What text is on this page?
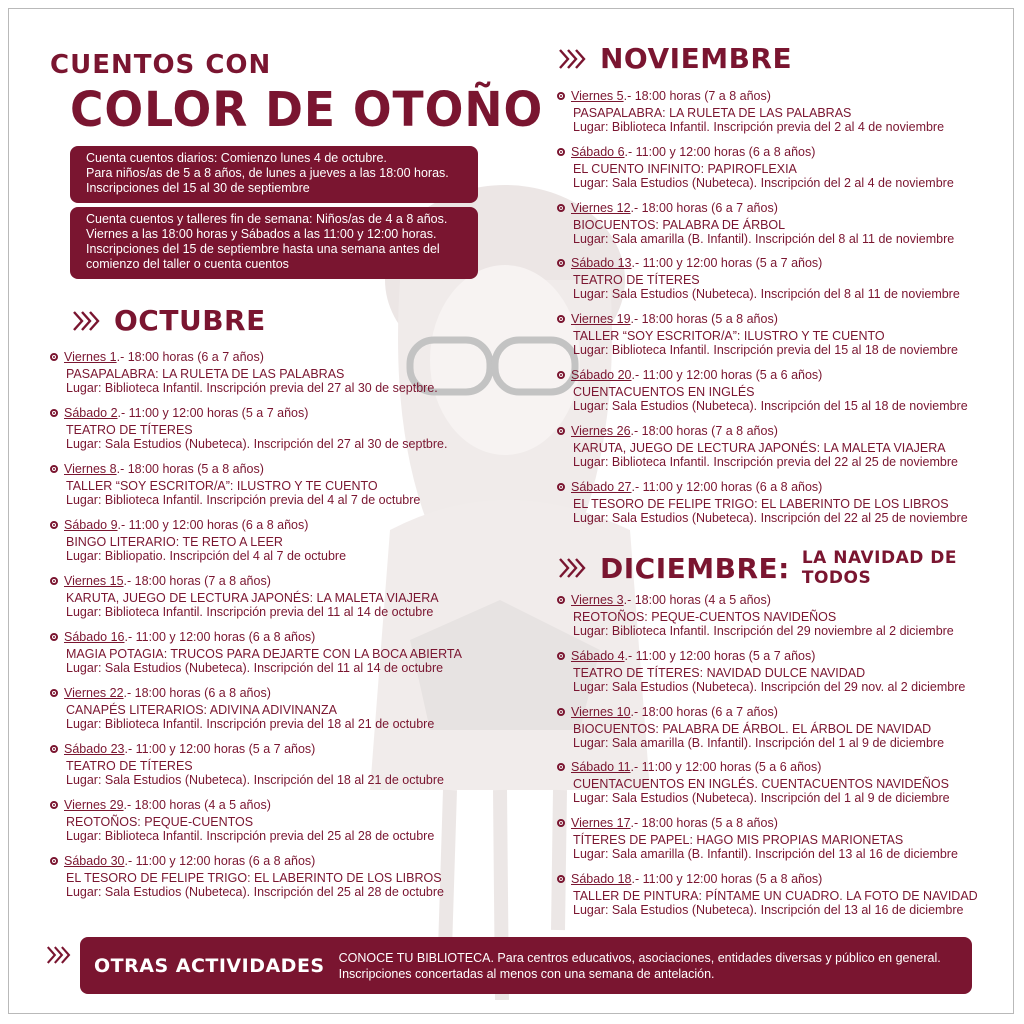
CUENTOS CON
COLOR DE OTOÑO
Cuenta cuentos diarios: Comienzo lunes 4 de octubre.
Para niños/as de 5 a 8 años, de lunes a jueves a las 18:00 horas.
Inscripciones del 15 al 30 de septiembre
Cuenta cuentos y talleres fin de semana: Niños/as de 4 a 8 años.
Viernes a las 18:00 horas y Sábados a las 11:00 y 12:00 horas.
Inscripciones del 15 de septiembre hasta una semana antes del
comienzo del taller o cuenta cuentos
OCTUBRE
NOVIEMBRE
DICIEMBRE: LA NAVIDAD DE TODOS
Viernes 1 .- 18:00 horas (6 a 7 años)
PASAPALABRA: LA RULETA DE LAS PALABRAS
Lugar: Biblioteca Infantil. Inscripción previa del 27 al 30 de septbre.
Sábado 2 .- 11:00 y 12:00 horas (5 a 7 años)
TEATRO DE TÍTERES
Lugar: Sala Estudios (Nubeteca). Inscripción del 27 al 30 de septbre.
Viernes 8 .- 18:00 horas (5 a 8 años)
TALLER “SOY ESCRITOR/A”: ILUSTRO Y TE CUENTO
Lugar: Biblioteca Infantil. Inscripción previa del 4 al 7 de octubre
Sábado 9 .- 11:00 y 12:00 horas (6 a 8 años)
BINGO LITERARIO: TE RETO A LEER
Lugar: Bibliopatio. Inscripción del 4 al 7 de octubre
Viernes 15 .- 18:00 horas (7 a 8 años)
KARUTA, JUEGO DE LECTURA JAPONÉS: LA MALETA VIAJERA
Lugar: Biblioteca Infantil. Inscripción previa del 11 al 14 de octubre
Sábado 16 .- 11:00 y 12:00 horas (6 a 8 años)
MAGIA POTAGIA: TRUCOS PARA DEJARTE CON LA BOCA ABIERTA
Lugar: Sala Estudios (Nubeteca). Inscripción del 11 al 14 de octubre
Viernes 22 .- 18:00 horas (6 a 8 años)
CANAPÉS LITERARIOS: ADIVINA ADIVINANZA
Lugar: Biblioteca Infantil. Inscripción previa del 18 al 21 de octubre
Sábado 23 .- 11:00 y 12:00 horas (5 a 7 años)
TEATRO DE TÍTERES
Lugar: Sala Estudios (Nubeteca). Inscripción del 18 al 21 de octubre
Viernes 29 .- 18:00 horas (4 a 5 años)
REOTOÑOS: PEQUE-CUENTOS
Lugar: Biblioteca Infantil. Inscripción previa del 25 al 28 de octubre
Sábado 30 .- 11:00 y 12:00 horas (6 a 8 años)
EL TESORO DE FELIPE TRIGO: EL LABERINTO DE LOS LIBROS
Lugar: Sala Estudios (Nubeteca). Inscripción del 25 al 28 de octubre
Viernes 5 .- 18:00 horas (7 a 8 años)
PASAPALABRA: LA RULETA DE LAS PALABRAS
Lugar: Biblioteca Infantil. Inscripción previa del 2 al 4 de noviembre
Sábado 6 .- 11:00 y 12:00 horas (6 a 8 años)
EL CUENTO INFINITO: PAPIROFLEXIA
Lugar: Sala Estudios (Nubeteca). Inscripción del 2 al 4 de noviembre
Viernes 12 .- 18:00 horas (6 a 7 años)
BIOCUENTOS: PALABRA DE ÁRBOL
Lugar: Sala amarilla (B. Infantil). Inscripción del 8 al 11 de noviembre
Sábado 13 .- 11:00 y 12:00 horas (5 a 7 años)
TEATRO DE TÍTERES
Lugar: Sala Estudios (Nubeteca). Inscripción del 8 al 11 de noviembre
Viernes 19 .- 18:00 horas (5 a 8 años)
TALLER “SOY ESCRITOR/A”: ILUSTRO Y TE CUENTO
Lugar: Biblioteca Infantil. Inscripción previa del 15 al 18 de noviembre
Sábado 20 .- 11:00 y 12:00 horas (5 a 6 años)
CUENTACUENTOS EN INGLÉS
Lugar: Sala Estudios (Nubeteca). Inscripción del 15 al 18 de noviembre
Viernes 26 .- 18:00 horas (7 a 8 años)
KARUTA, JUEGO DE LECTURA JAPONÉS: LA MALETA VIAJERA
Lugar: Biblioteca Infantil. Inscripción previa del 22 al 25 de noviembre
Sábado 27 .- 11:00 y 12:00 horas (6 a 8 años)
EL TESORO DE FELIPE TRIGO: EL LABERINTO DE LOS LIBROS
Lugar: Sala Estudios (Nubeteca). Inscripción del 22 al 25 de noviembre
Viernes 3 .- 18:00 horas (4 a 5 años)
REOTOÑOS: PEQUE-CUENTOS NAVIDEÑOS
Lugar: Biblioteca Infantil. Inscripción del 29 noviembre al 2 diciembre
Sábado 4 .- 11:00 y 12:00 horas (5 a 7 años)
TEATRO DE TÍTERES: NAVIDAD DULCE NAVIDAD
Lugar: Sala Estudios (Nubeteca). Inscripción del 29 nov. al 2 diciembre
Viernes 10 .- 18:00 horas (6 a 7 años)
BIOCUENTOS: PALABRA DE ÁRBOL. EL ÁRBOL DE NAVIDAD
Lugar: Sala amarilla (B. Infantil). Inscripción del 1 al 9 de diciembre
Sábado 11 .- 11:00 y 12:00 horas (5 a 6 años)
CUENTACUENTOS EN INGLÉS. CUENTACUENTOS NAVIDEÑOS
Lugar: Sala Estudios (Nubeteca). Inscripción del 1 al 9 de diciembre
Viernes 17 .- 18:00 horas (5 a 8 años)
TÍTERES DE PAPEL: HAGO MIS PROPIAS MARIONETAS
Lugar: Sala amarilla (B. Infantil). Inscripción del 13 al 16 de diciembre
Sábado 18 .- 11:00 y 12:00 horas (5 a 8 años)
TALLER DE PINTURA: PÍNTAME UN CUADRO. LA FOTO DE NAVIDAD
Lugar: Sala Estudios (Nubeteca). Inscripción del 13 al 16 de diciembre
OTRAS ACTIVIDADES CONOCE TU BIBLIOTECA. Para centros educativos, asociaciones, entidades diversas y público en general.
Inscripciones concertadas al menos con una semana de antelación.
